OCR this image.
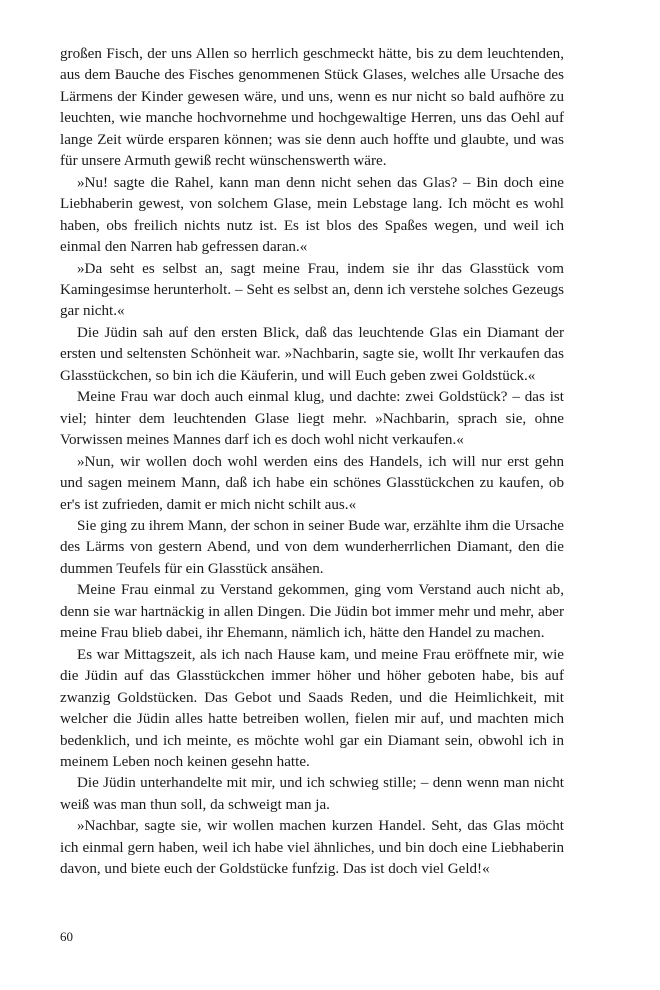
großen Fisch, der uns Allen so herrlich geschmeckt hätte, bis zu dem leuchtenden, aus dem Bauche des Fisches genommenen Stück Glases, welches alle Ursache des Lärmens der Kinder gewesen wäre, und uns, wenn es nur nicht so bald aufhöre zu leuchten, wie manche hochvornehme und hochgewaltige Herren, uns das Oehl auf lange Zeit würde ersparen können; was sie denn auch hoffte und glaubte, und was für unsere Armuth gewiß recht wünschenswerth wäre.

»Nu! sagte die Rahel, kann man denn nicht sehen das Glas? – Bin doch eine Liebhaberin gewest, von solchem Glase, mein Lebstage lang. Ich möcht es wohl haben, obs freilich nichts nutz ist. Es ist blos des Spaßes wegen, und weil ich einmal den Narren hab gefressen daran.«

»Da seht es selbst an, sagt meine Frau, indem sie ihr das Glasstück vom Kamingesimse herunterholt. – Seht es selbst an, denn ich verstehe solches Gezeugs gar nicht.«

Die Jüdin sah auf den ersten Blick, daß das leuchtende Glas ein Diamant der ersten und seltensten Schönheit war. »Nachbarin, sagte sie, wollt Ihr verkaufen das Glasstückchen, so bin ich die Käuferin, und will Euch geben zwei Goldstück.«

Meine Frau war doch auch einmal klug, und dachte: zwei Goldstück? – das ist viel; hinter dem leuchtenden Glase liegt mehr. »Nachbarin, sprach sie, ohne Vorwissen meines Mannes darf ich es doch wohl nicht verkaufen.«

»Nun, wir wollen doch wohl werden eins des Handels, ich will nur erst gehn und sagen meinem Mann, daß ich habe ein schönes Glasstückchen zu kaufen, ob er's ist zufrieden, damit er mich nicht schilt aus.«

Sie ging zu ihrem Mann, der schon in seiner Bude war, erzählte ihm die Ursache des Lärms von gestern Abend, und von dem wunderherrlichen Diamant, den die dummen Teufels für ein Glasstück ansähen.

Meine Frau einmal zu Verstand gekommen, ging vom Verstand auch nicht ab, denn sie war hartnäckig in allen Dingen. Die Jüdin bot immer mehr und mehr, aber meine Frau blieb dabei, ihr Ehemann, nämlich ich, hätte den Handel zu machen.

Es war Mittagszeit, als ich nach Hause kam, und meine Frau eröffnete mir, wie die Jüdin auf das Glasstückchen immer höher und höher geboten habe, bis auf zwanzig Goldstücken. Das Gebot und Saads Reden, und die Heimlichkeit, mit welcher die Jüdin alles hatte betreiben wollen, fielen mir auf, und machten mich bedenklich, und ich meinte, es möchte wohl gar ein Diamant sein, obwohl ich in meinem Leben noch keinen gesehn hatte.

Die Jüdin unterhandelte mit mir, und ich schwieg stille; – denn wenn man nicht weiß was man thun soll, da schweigt man ja.

»Nachbar, sagte sie, wir wollen machen kurzen Handel. Seht, das Glas möcht ich einmal gern haben, weil ich habe viel ähnliches, und bin doch eine Liebhaberin davon, und biete euch der Goldstücke funfzig. Das ist doch viel Geld!«

60
